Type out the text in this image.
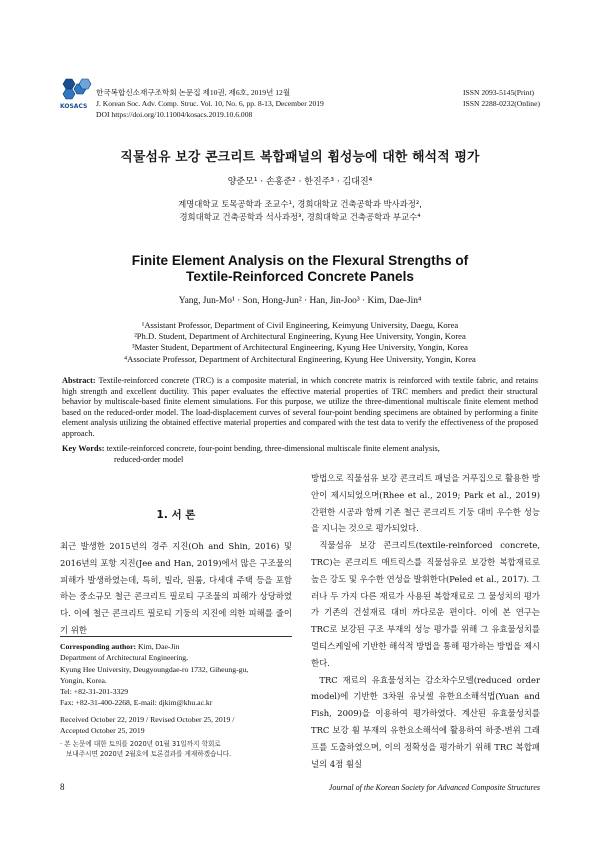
KOSACS
한국복합신소재구조학회 논문집 제10권, 제6호, 2019년 12월
J. Korean Soc. Adv. Comp. Struc. Vol. 10, No. 6, pp. 8-13, December 2019
DOI https://doi.org/10.11004/kosacs.2019.10.6.008
ISSN 2093-5145(Print)
ISSN 2288-0232(Online)
직물섬유 보강 콘크리트 복합패널의 휨성능에 대한 해석적 평가
양준모¹ · 손홍준² · 한진주³ · 김대진⁴
계명대학교 토목공학과 조교수¹, 경희대학교 건축공학과 박사과정²,
경희대학교 건축공학과 석사과정³, 경희대학교 건축공학과 부교수⁴
Finite Element Analysis on the Flexural Strengths of
Textile-Reinforced Concrete Panels
Yang, Jun-Mo¹ · Son, Hong-Jun² · Han, Jin-Joo³ · Kim, Dae-Jin⁴
¹Assistant Professor, Department of Civil Engineering, Keimyung University, Daegu, Korea
²Ph.D. Student, Department of Architectural Engineering, Kyung Hee University, Yongin, Korea
³Master Student, Department of Architectural Engineering, Kyung Hee University, Yongin, Korea
⁴Associate Professor, Department of Architectural Engineering, Kyung Hee University, Yongin, Korea
Abstract: Textile-reinforced concrete (TRC) is a composite material, in which concrete matrix is reinforced with textile fabric, and retains high strength and excellent ductility. This paper evaluates the effective material properties of TRC members and predict their structural behavior by multiscale-based finite element simulations. For this purpose, we utilize the three-dimentional multiscale finite element method based on the reduced-order model. The load-displacement curves of several four-point bending specimens are obtained by performing a finite element analysis utilizing the obtained effective material properties and compared with the test data to verify the effectiveness of the proposed approach.
Key Words: textile-reinforced concrete, four-point bending, three-dimensional multiscale finite element analysis,
reduced-order model
1. 서 론
최근 발생한 2015년의 경주 지진(Oh and Shin, 2016) 및 2016년의 포항 지진(Jee and Han, 2019)에서 많은 구조물의 피해가 발생하였는데, 특히, 빌라, 원룸, 다세대 주택 등을 포함하는 중소규모 철근 콘크리트 필로티 구조물의 피해가 상당하였다. 이에 철근 콘크리트 필로티 기둥의 지진에 의한 피해를 줄이기 위한
방법으로 직물섬유 보강 콘크리트 패널을 거푸집으로 활용한 방안이 제시되었으며(Rhee et al., 2019; Park et al., 2019) 간편한 시공과 함께 기존 철근 콘크리트 기둥 대비 우수한 성능을 지니는 것으로 평가되었다.
직물섬유 보강 콘크리트(textile-reinforced concrete, TRC)는 콘크리트 매트릭스를 직물섬유로 보강한 복합재료로 높은 강도 및 우수한 연성을 발휘한다(Peled et al., 2017). 그러나 두 가지 다른 재료가 사용된 복합재료로 그 물성치의 평가가 기존의 건설재료 대비 까다로운 편이다. 이에 본 연구는 TRC로 보강된 구조 부재의 성능 평가를 위해 그 유효물성치를 멀티스케일에 기반한 해석적 방법을 통해 평가하는 방법을 제시한다.
TRC 재료의 유효물성치는 감소차수모델(reduced order model)에 기반한 3차원 유닛셀 유한요소해석법(Yuan and Fish, 2009)을 이용하여 평가하였다. 계산된 유효물성치를 TRC 보강 휨 부재의 유한요소해석에 활용하여 하중-변위 그래프를 도출하였으며, 이의 정확성을 평가하기 위해 TRC 복합패널의 4점 휨실
Corresponding author: Kim, Dae-Jin
Department of Architectural Engineering,
Kyung Hee University, Deugyoungdae-ro 1732, Giheung-gu,
Yongin, Korea.
Tel: +82-31-201-3329
Fax: +82-31-400-2268, E-mail: djkim@khu.ac.kr
Received October 22, 2019 / Revised October 25, 2019 /
Accepted October 25, 2019
· 본 논문에 대한 토의를 2020년 01월 31일까지 학회로
보내주시면 2020년 2월호에 토론결과를 게재하겠습니다.
8	Journal of the Korean Society for Advanced Composite Structures
